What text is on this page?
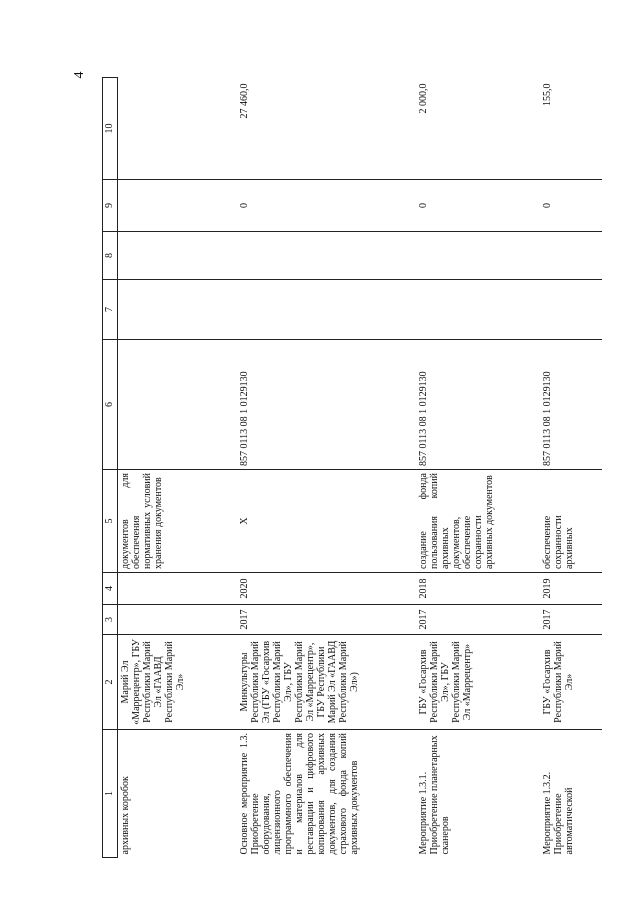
4
1	2	3	4	5	6	7	8	9	10
архивных коробок	Марий Эл «Маррецентр», ГБУ Республики Марий Эл «ГААВД Республики Марий Эл»			документов для обеспечения нормативных условий хранения документов					
Основное мероприятие 1.3. Приобретение оборудования, лицензионного программного обеспечения и материалов для реставрации и цифрового копирования архивных документов, для создания страхового фонда копий архивных документов	Минкультуры Республики Марий Эл (ГБУ «Госархив Республики Марий Эл», ГБУ Республики Марий Эл «Маррецентр», ГБУ Республики Марий Эл «ГААВД Республики Марий Эл»)	2017	2020	X	857 0113 08 1 0129130			0	27 460,0
Мероприятие 1.3.1. Приобретение планетарных сканеров	ГБУ «Госархив Республики Марий Эл», ГБУ Республики Марий Эл «Маррецентр»	2017	2018	создание фонда пользования копий архивных документов, обеспечение сохранности архивных документов	857 0113 08 1 0129130			0	2 000,0
Мероприятие 1.3.2. Приобретение автоматической	ГБУ «Госархив Республики Марий Эл»	2017	2019	обеспечение сохранности архивных	857 0113 08 1 0129130			0	155,0
